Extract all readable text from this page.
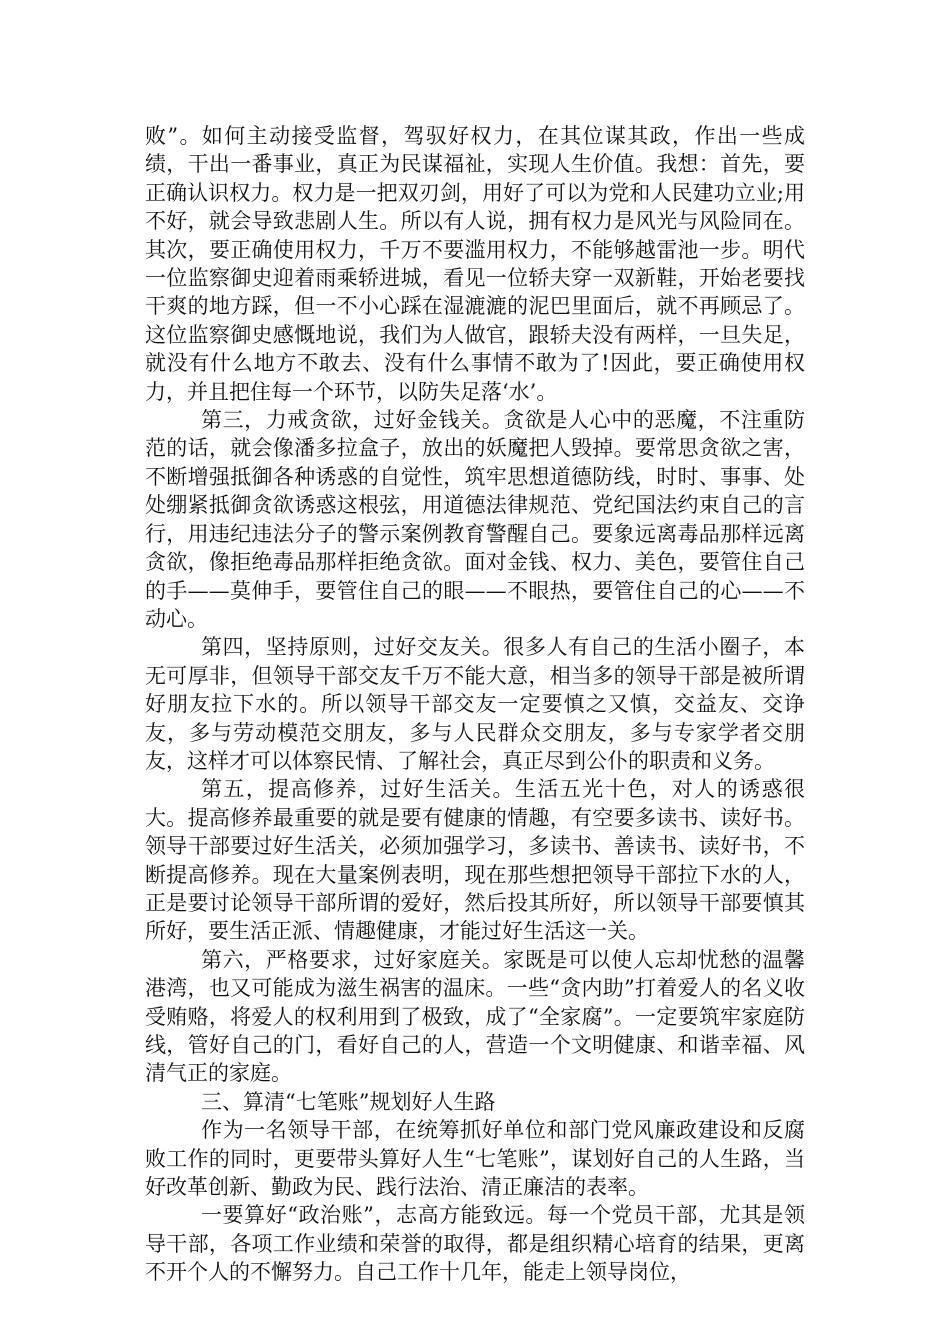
败”。如何主动接受监督，驾驭好权力，在其位谋其政，作出一些成绩，干出一番事业，真正为民谋福祉，实现人生价值。我想：首先，要正确认识权力。权力是一把双刃剑，用好了可以为党和人民建功立业;用不好，就会导致悲剧人生。所以有人说，拥有权力是风光与风险同在。其次，要正确使用权力，千万不要滥用权力，不能够越雷池一步。明代一位监察御史迎着雨乘轿进城，看见一位轿夫穿一双新鞋，开始老要找干爽的地方踩，但一不小心踩在湿漉漉的泥巴里面后，就不再顾忌了。这位监察御史感慨地说，我们为人做官，跟轿夫没有两样，一旦失足，就没有什么地方不敢去、没有什么事情不敢为了!因此，要正确使用权力，并且把住每一个环节，以防失足落‘水’。

第三，力戒贪欲，过好金钱关。贪欲是人心中的恶魔，不注重防范的话，就会像潘多拉盒子，放出的妖魔把人毁掉。要常思贪欲之害，不断增强抵御各种诱惑的自觉性，筑牢思想道德防线，时时、事事、处处绷紧抵御贪欲诱惑这根弦，用道德法律规范、党纪国法约束自己的言行，用违纪违法分子的警示案例教育警醒自己。要象远离毒品那样远离贪欲，像拒绝毒品那样拒绝贪欲。面对金钱、权力、美色，要管住自己的手——莫伸手，要管住自己的眼——不眼热，要管住自己的心——不动心。

第四，坚持原则，过好交友关。很多人有自己的生活小圈子，本无可厚非，但领导干部交友千万不能大意，相当多的领导干部是被所谓好朋友拉下水的。所以领导干部交友一定要慎之又慎，交益友、交诤友，多与劳动模范交朋友，多与人民群众交朋友，多与专家学者交朋友，这样才可以体察民情、了解社会，真正尽到公仆的职责和义务。

第五，提高修养，过好生活关。生活五光十色，对人的诱惑很大。提高修养最重要的就是要有健康的情趣，有空要多读书、读好书。领导干部要过好生活关，必须加强学习，多读书、善读书、读好书，不断提高修养。现在大量案例表明，现在那些想把领导干部拉下水的人，正是要讨论领导干部所谓的爱好，然后投其所好，所以领导干部要慎其所好，要生活正派、情趣健康，才能过好生活这一关。

第六，严格要求，过好家庭关。家既是可以使人忘却忧愁的温馨港湾，也又可能成为滋生祸害的温床。一些“贪内助”打着爱人的名义收受贿赂，将爱人的权利用到了极致，成了“全家腐”。一定要筑牢家庭防线，管好自己的门，看好自己的人，营造一个文明健康、和谐幸福、风清气正的家庭。

三、算清“七笔账”规划好人生路

作为一名领导干部，在统筹抓好单位和部门党风廉政建设和反腐败工作的同时，更要带头算好人生“七笔账”，谋划好自己的人生路，当好改革创新、勤政为民、践行法治、清正廉洁的表率。

一要算好“政治账”，志高方能致远。每一个党员干部，尤其是领导干部，各项工作业绩和荣誉的取得，都是组织精心培育的结果，更离不开个人的不懈努力。自己工作十几年，能走上领导岗位，
